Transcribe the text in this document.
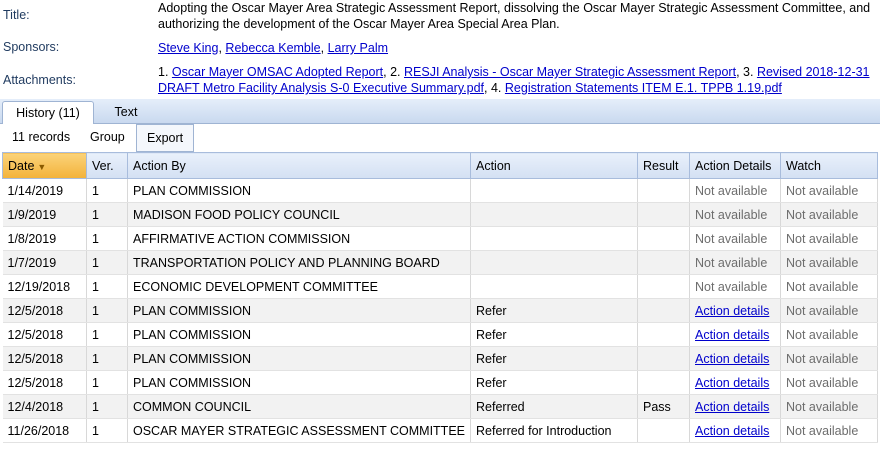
Title:	Adopting the Oscar Mayer Area Strategic Assessment Report, dissolving the Oscar Mayer Strategic Assessment Committee, and authorizing the development of the Oscar Mayer Area Special Area Plan.
Sponsors:	Steve King, Rebecca Kemble, Larry Palm
Attachments:
1. Oscar Mayer OMSAC Adopted Report, 2. RESJI Analysis - Oscar Mayer Strategic Assessment Report, 3. Revised 2018-12-31 DRAFT Metro Facility Analysis S-0 Executive Summary.pdf, 4. Registration Statements ITEM E.1. TPPB 1.19.pdf
History (11)	Text
11 records Group	Export
Date ▼	Ver.	Action By	Action	Result	Action Details	Watch
1/14/2019	1	PLAN COMMISSION			Not available	Not available
1/9/2019	1	MADISON FOOD POLICY COUNCIL			Not available	Not available
1/8/2019	1	AFFIRMATIVE ACTION COMMISSION			Not available	Not available
1/7/2019	1	TRANSPORTATION POLICY AND PLANNING BOARD			Not available	Not available
12/19/2018	1	ECONOMIC DEVELOPMENT COMMITTEE			Not available	Not available
12/5/2018	1	PLAN COMMISSION	Refer		Action details	Not available
12/5/2018	1	PLAN COMMISSION	Refer		Action details	Not available
12/5/2018	1	PLAN COMMISSION	Refer		Action details	Not available
12/5/2018	1	PLAN COMMISSION	Refer		Action details	Not available
12/4/2018	1	COMMON COUNCIL	Referred	Pass	Action details	Not available
11/26/2018	1	OSCAR MAYER STRATEGIC ASSESSMENT COMMITTEE	Referred for Introduction		Action details	Not available
